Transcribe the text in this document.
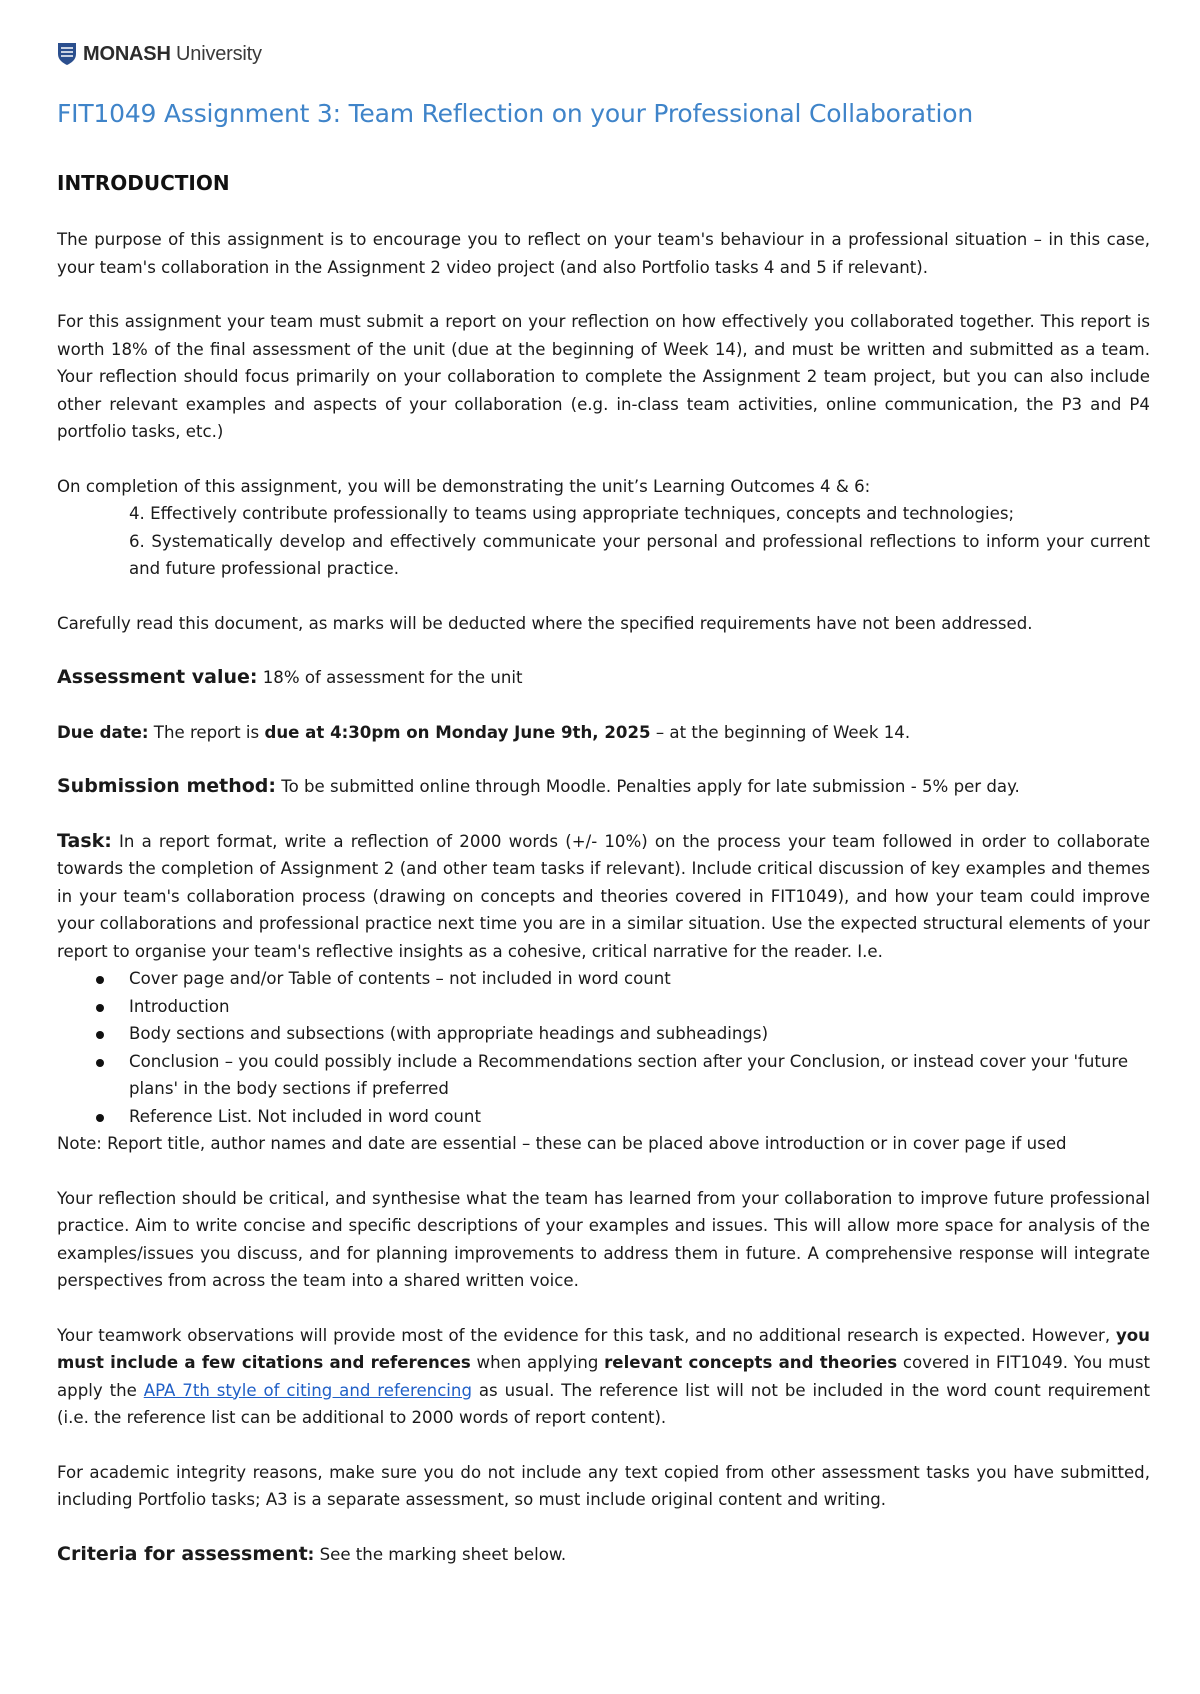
MONASH University
FIT1049 Assignment 3: Team Reflection on your Professional Collaboration
INTRODUCTION

The purpose of this assignment is to encourage you to reflect on your team's behaviour in a professional situation – in this case, your team's collaboration in the Assignment 2 video project (and also Portfolio tasks 4 and 5 if relevant).

For this assignment your team must submit a report on your reflection on how effectively you collaborated together. This report is worth 18% of the final assessment of the unit (due at the beginning of Week 14), and must be written and submitted as a team. Your reflection should focus primarily on your collaboration to complete the Assignment 2 team project, but you can also include other relevant examples and aspects of your collaboration (e.g. in-class team activities, online communication, the P3 and P4 portfolio tasks, etc.)

On completion of this assignment, you will be demonstrating the unit’s Learning Outcomes 4 & 6:

4. Effectively contribute professionally to teams using appropriate techniques, concepts and technologies;

6. Systematically develop and effectively communicate your personal and professional reflections to inform your current and future professional practice.

Carefully read this document, as marks will be deducted where the specified requirements have not been addressed.

Assessment value: 18% of assessment for the unit

Due date: The report is due at 4:30pm on Monday June 9th, 2025 – at the beginning of Week 14.

Submission method: To be submitted online through Moodle. Penalties apply for late submission - 5% per day.

Task: In a report format, write a reflection of 2000 words (+/- 10%) on the process your team followed in order to collaborate towards the completion of Assignment 2 (and other team tasks if relevant). Include critical discussion of key examples and themes in your team's collaboration process (drawing on concepts and theories covered in FIT1049), and how your team could improve your collaborations and professional practice next time you are in a similar situation. Use the expected structural elements of your report to organise your team's reflective insights as a cohesive, critical narrative for the reader. I.e.

Cover page and/or Table of contents – not included in word count
Introduction
Body sections and subsections (with appropriate headings and subheadings)
Conclusion – you could possibly include a Recommendations section after your Conclusion, or instead cover your 'future plans' in the body sections if preferred
Reference List. Not included in word count

Note: Report title, author names and date are essential – these can be placed above introduction or in cover page if used

Your reflection should be critical, and synthesise what the team has learned from your collaboration to improve future professional practice. Aim to write concise and specific descriptions of your examples and issues. This will allow more space for analysis of the examples/issues you discuss, and for planning improvements to address them in future. A comprehensive response will integrate perspectives from across the team into a shared written voice.

Your teamwork observations will provide most of the evidence for this task, and no additional research is expected. However, you must include a few citations and references when applying relevant concepts and theories covered in FIT1049. You must apply the APA 7th style of citing and referencing as usual. The reference list will not be included in the word count requirement (i.e. the reference list can be additional to 2000 words of report content).

For academic integrity reasons, make sure you do not include any text copied from other assessment tasks you have submitted, including Portfolio tasks; A3 is a separate assessment, so must include original content and writing.

Criteria for assessment: See the marking sheet below.
